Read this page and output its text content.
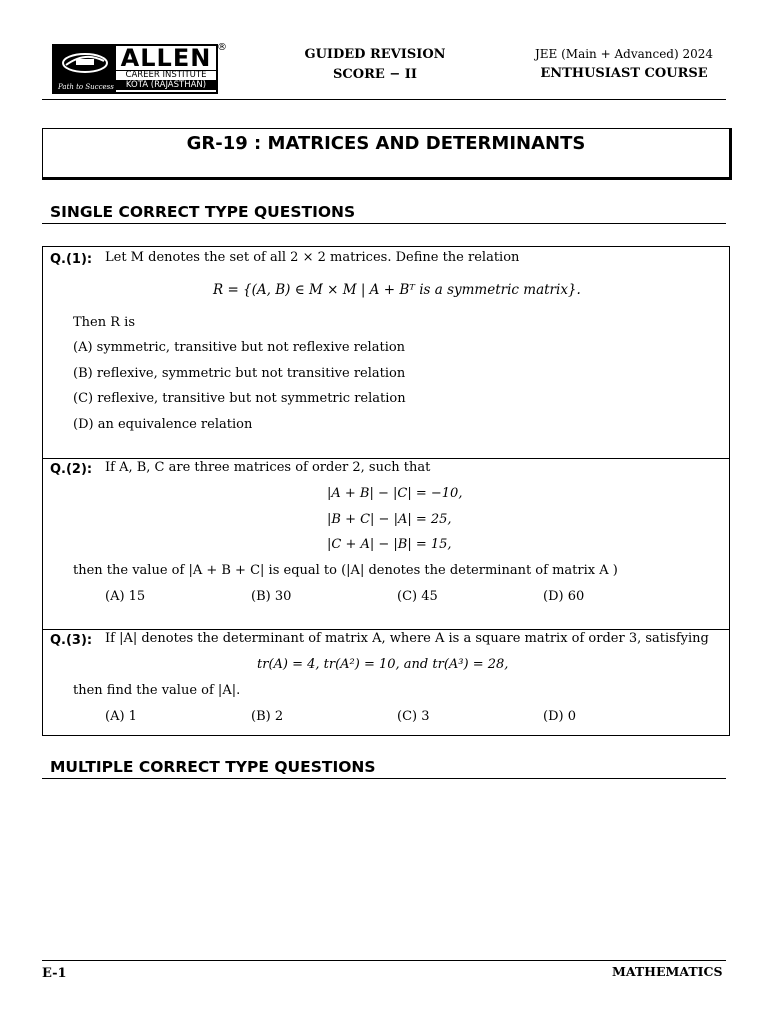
Path to Success
ALLEN
CAREER INSTITUTE
KOTA (RAJASTHAN)
®	GUIDED REVISION
SCORE − II
JEE (Main + Advanced) 2024
ENTHUSIAST COURSE
GR-19 : MATRICES AND DETERMINANTS
SINGLE CORRECT TYPE QUESTIONS
Q.(1): Let M denotes the set of all 2 × 2 matrices. Define the relation
R = {(A, B) ∈ M × M | A + Bᵀ is a symmetric matrix}.
Then R is
(A) symmetric, transitive but not reflexive relation
(B) reflexive, symmetric but not transitive relation
(C) reflexive, transitive but not symmetric relation
(D) an equivalence relation
Q.(2): If A, B, C are three matrices of order 2, such that
|A + B| − |C| = −10,
|B + C| − |A| = 25,
|C + A| − |B| = 15,
then the value of |A + B + C| is equal to (|A| denotes the determinant of matrix A )
(A) 15	(B) 30	(C) 45	(D) 60
Q.(3): If |A| denotes the determinant of matrix A, where A is a square matrix of order 3, satisfying
tr(A) = 4, tr(A²) = 10, and tr(A³) = 28,
then find the value of |A|.
(A) 1	(B) 2	(C) 3	(D) 0
MULTIPLE CORRECT TYPE QUESTIONS
E-1	MATHEMATICS
